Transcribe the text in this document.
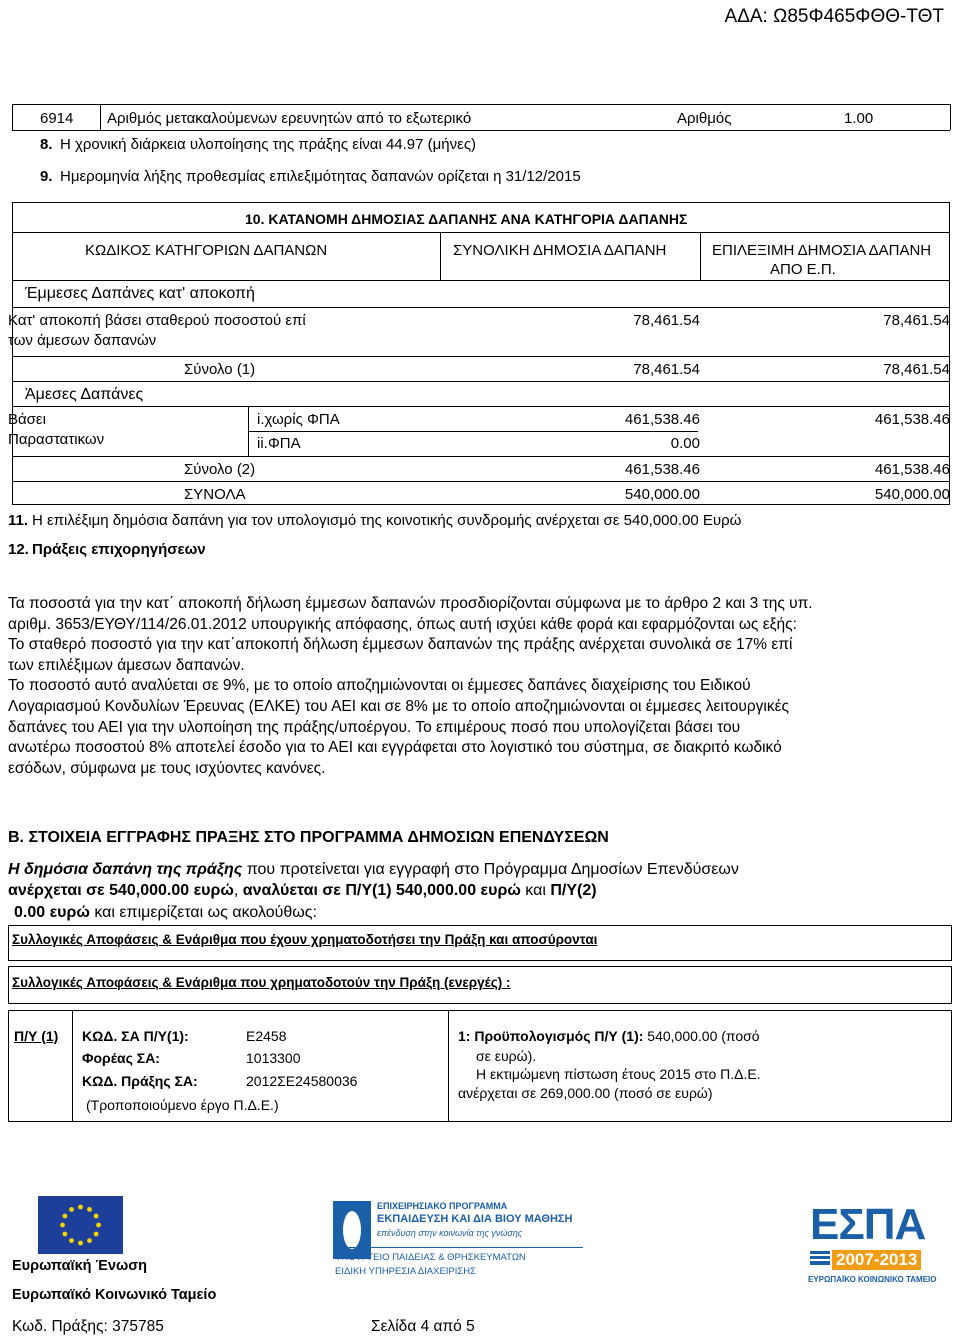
ΑΔΑ: Ω85Φ465ΦΘΘ-ΤΘΤ
6914 Αριθμός μετακαλούμενων ερευνητών από το εξωτερικό	Αριθμός	1.00
8. Η χρονική διάρκεια υλοποίησης της πράξης είναι 44.97 (μήνες)
9. Ημερομηνία λήξης προθεσμίας επιλεξιμότητας δαπανών ορίζεται η 31/12/2015
10. ΚΑΤΑΝΟΜΗ ΔΗΜΟΣΙΑΣ ΔΑΠΑΝΗΣ ΑΝΑ ΚΑΤΗΓΟΡΙΑ ΔΑΠΑΝΗΣ
ΚΩΔΙΚΟΣ ΚΑΤΗΓΟΡΙΩΝ ΔΑΠΑΝΩΝ	ΣΥΝΟΛΙΚΗ ΔΗΜΟΣΙΑ ΔΑΠΑΝΗ	ΕΠΙΛΕΞΙΜΗ ΔΗΜΟΣΙΑ ΔΑΠΑΝΗ
ΑΠΟ Ε.Π.
Έμμεσες Δαπάνες κατ' αποκοπή
Κατ' αποκοπή βάσει σταθερού ποσοστού επί
των άμεσων δαπανών
78,461.54	78,461.54
Σύνολο (1)	78,461.54	78,461.54
Άμεσες Δαπάνες
Βάσει
Παραστατικων
i.χωρίς ΦΠΑ	461,538.46	461,538.46
ii.ΦΠΑ	0.00
Σύνολο (2)	461,538.46	461,538.46
ΣΥΝΟΛΑ	540,000.00	540,000.00
11. Η επιλέξιμη δημόσια δαπάνη για τον υπολογισμό της κοινοτικής συνδρομής ανέρχεται σε 540,000.00 Ευρώ
12. Πράξεις επιχορηγήσεων
Τα ποσοστά για την κατ΄ αποκοπή δήλωση έμμεσων δαπανών προσδιορίζονται σύμφωνα με το άρθρο 2 και 3 της υπ.
αριθμ. 3653/ΕΥΘΥ/114/26.01.2012 υπουργικής απόφασης, όπως αυτή ισχύει κάθε φορά και εφαρμόζονται ως εξής:
Το σταθερό ποσοστό για την κατ΄αποκοπή δήλωση έμμεσων δαπανών της πράξης ανέρχεται συνολικά σε 17% επί
των επιλέξιμων άμεσων δαπανών.
Το ποσοστό αυτό αναλύεται σε 9%, με το οποίο αποζημιώνονται οι έμμεσες δαπάνες διαχείρισης του Ειδικού
Λογαριασμού Κονδυλίων Έρευνας (ΕΛΚΕ) του ΑΕΙ και σε 8% με το οποίο αποζημιώνονται οι έμμεσες λειτουργικές
δαπάνες του ΑΕΙ για την υλοποίηση της πράξης/υποέργου. Το επιμέρους ποσό που υπολογίζεται βάσει του
ανωτέρω ποσοστού 8% αποτελεί έσοδο για το ΑΕΙ και εγγράφεται στο λογιστικό του σύστημα, σε διακριτό κωδικό
εσόδων, σύμφωνα με τους ισχύοντες κανόνες.
Β. ΣΤΟΙΧΕΙΑ ΕΓΓΡΑΦΗΣ ΠΡΑΞΗΣ ΣΤΟ ΠΡΟΓΡΑΜΜΑ ΔΗΜΟΣΙΩΝ ΕΠΕΝΔΥΣΕΩΝ
Η δημόσια δαπάνη της πράξης που προτείνεται για εγγραφή στο Πρόγραμμα Δημοσίων Επενδύσεων
ανέρχεται σε 540,000.00 ευρώ, αναλύεται σε Π/Υ(1) 540,000.00 ευρώ και Π/Υ(2)
0.00 ευρώ και επιμερίζεται ως ακολούθως:
Συλλογικές Αποφάσεις & Ενάριθμα που έχουν χρηματοδοτήσει την Πράξη και αποσύρονται
Συλλογικές Αποφάσεις & Ενάριθμα που χρηματοδοτούν την Πράξη (ενεργές) :
Π/Υ (1) ΚΩΔ. ΣΑ Π/Υ(1):	Ε2458
Φορέας ΣΑ:	1013300
ΚΩΔ. Πράξης ΣΑ:	2012ΣΕ24580036
(Τροποποιούμενο έργο Π.Δ.Ε.)
1: Προϋπολογισμός Π/Υ (1): 540,000.00 (ποσό
σε ευρώ).
Η εκτιμώμενη πίστωση έτους 2015 στο Π.Δ.Ε.
ανέρχεται σε 269,000.00 (ποσό σε ευρώ)
ΕΠΙΧΕΙΡΗΣΙΑΚΟ ΠΡΟΓΡΑΜΜΑ
ΕΚΠΑΙΔΕΥΣΗ ΚΑΙ ΔΙΑ ΒΙΟΥ ΜΑΘΗΣΗ
επένδυση στην κοινωνία της γνώσης
ΥΠΟΥΡΓΕΙΟ ΠΑΙΔΕΙΑΣ & ΘΡΗΣΚΕΥΜΑΤΩΝ
ΕΙΔΙΚΗ ΥΠΗΡΕΣΙΑ ΔΙΑΧΕΙΡΙΣΗΣ
ΕΣΠΑ
2007-2013
ΕΥΡΩΠΑΪΚΟ ΚΟΙΝΩΝΙΚΟ ΤΑΜΕΙΟ
Ευρωπαϊκή Ένωση
Ευρωπαϊκό Κοινωνικό Ταμείο
Κωδ. Πράξης: 375785	Σελίδα 4 από 5
